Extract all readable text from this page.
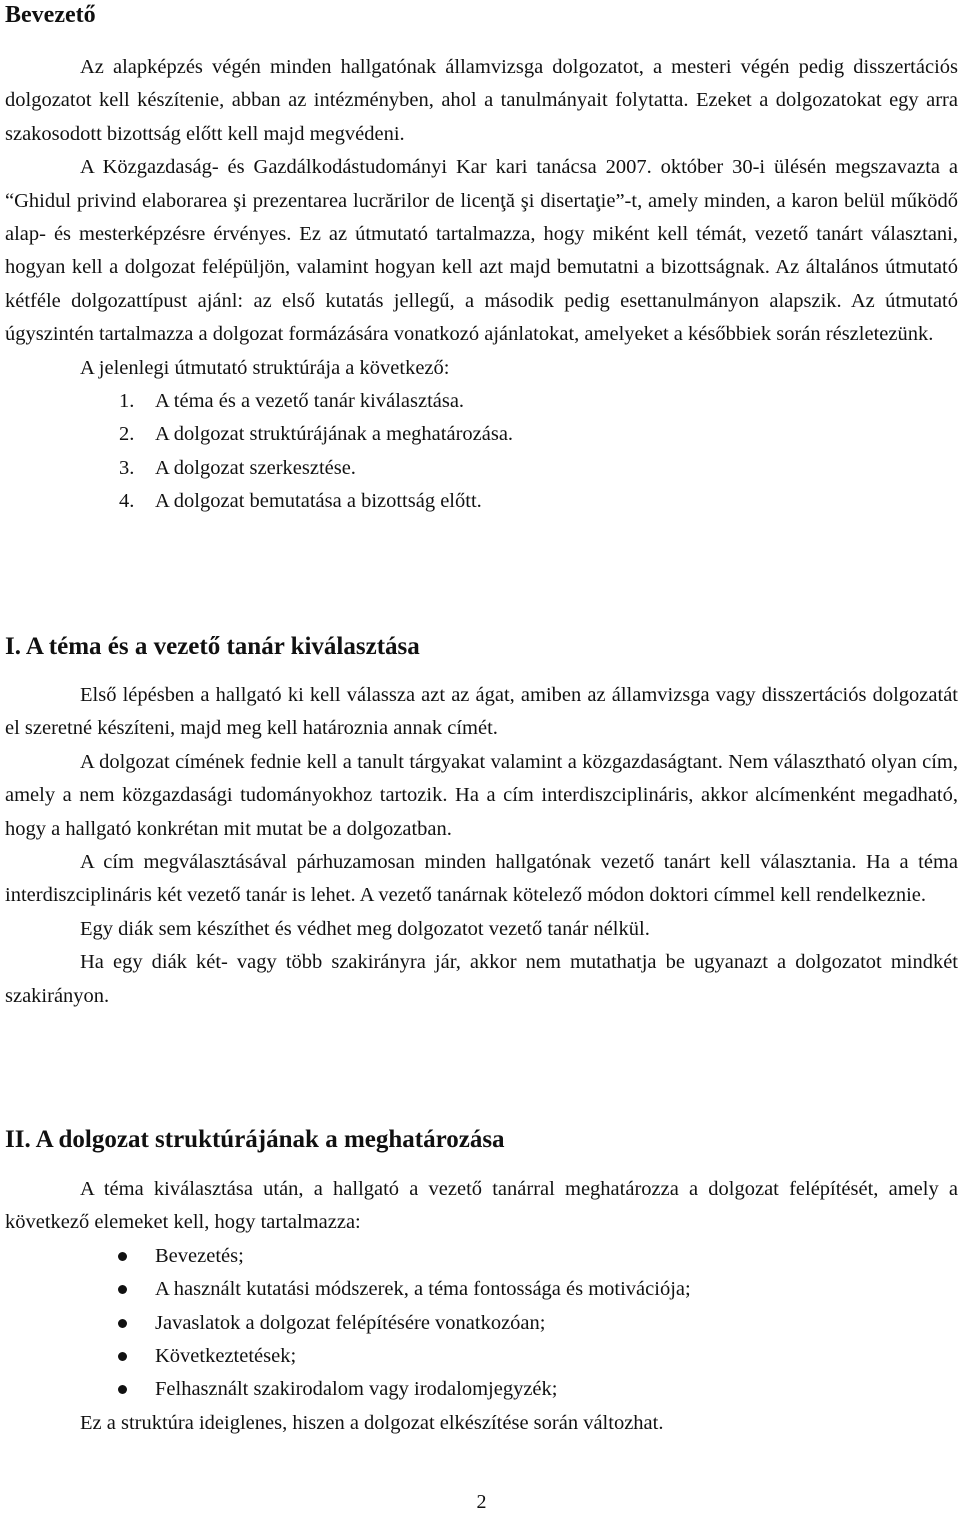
Bevezető

Az alapképzés végén minden hallgatónak államvizsga dolgozatot, a mesteri végén pedig disszertációs dolgozatot kell készítenie, abban az intézményben, ahol a tanulmányait folytatta. Ezeket a dolgozatokat egy arra szakosodott bizottság előtt kell majd megvédeni.

A Közgazdaság- és Gazdálkodástudományi Kar kari tanácsa 2007. október 30-i ülésén megszavazta a “Ghidul privind elaborarea şi prezentarea lucrărilor de licenţă şi disertaţie”-t, amely minden, a karon belül működő alap- és mesterképzésre érvényes. Ez az útmutató tartalmazza, hogy miként kell témát, vezető tanárt választani, hogyan kell a dolgozat felépüljön, valamint hogyan kell azt majd bemutatni a bizottságnak. Az általános útmutató kétféle dolgozattípust ajánl: az első kutatás jellegű, a második pedig esettanulmányon alapszik. Az útmutató úgyszintén tartalmazza a dolgozat formázására vonatkozó ajánlatokat, amelyeket a későbbiek során részletezünk.

A jelenlegi útmutató struktúrája a következő:

1. A téma és a vezető tanár kiválasztása.
2. A dolgozat struktúrájának a meghatározása.
3. A dolgozat szerkesztése.
4. A dolgozat bemutatása a bizottság előtt.
I. A téma és a vezető tanár kiválasztása

Első lépésben a hallgató ki kell válassza azt az ágat, amiben az államvizsga vagy disszertációs dolgozatát el szeretné készíteni, majd meg kell határoznia annak címét.

A dolgozat címének fednie kell a tanult tárgyakat valamint a közgazdaságtant. Nem választható olyan cím, amely a nem közgazdasági tudományokhoz tartozik. Ha a cím interdiszciplináris, akkor alcímenként megadható, hogy a hallgató konkrétan mit mutat be a dolgozatban.

A cím megválasztásával párhuzamosan minden hallgatónak vezető tanárt kell választania. Ha a téma interdiszciplináris két vezető tanár is lehet. A vezető tanárnak kötelező módon doktori címmel kell rendelkeznie.

Egy diák sem készíthet és védhet meg dolgozatot vezető tanár nélkül.

Ha egy diák két- vagy több szakirányra jár, akkor nem mutathatja be ugyanazt a dolgozatot mindkét szakirányon.

II. A dolgozat struktúrájának a meghatározása

A téma kiválasztása után, a hallgató a vezető tanárral meghatározza a dolgozat felépítését, amely a következő elemeket kell, hogy tartalmazza:

Bevezetés;
A használt kutatási módszerek, a téma fontossága és motivációja;
Javaslatok a dolgozat felépítésére vonatkozóan;
Következtetések;
Felhasznált szakirodalom vagy irodalomjegyzék;

Ez a struktúra ideiglenes, hiszen a dolgozat elkészítése során változhat.

2
